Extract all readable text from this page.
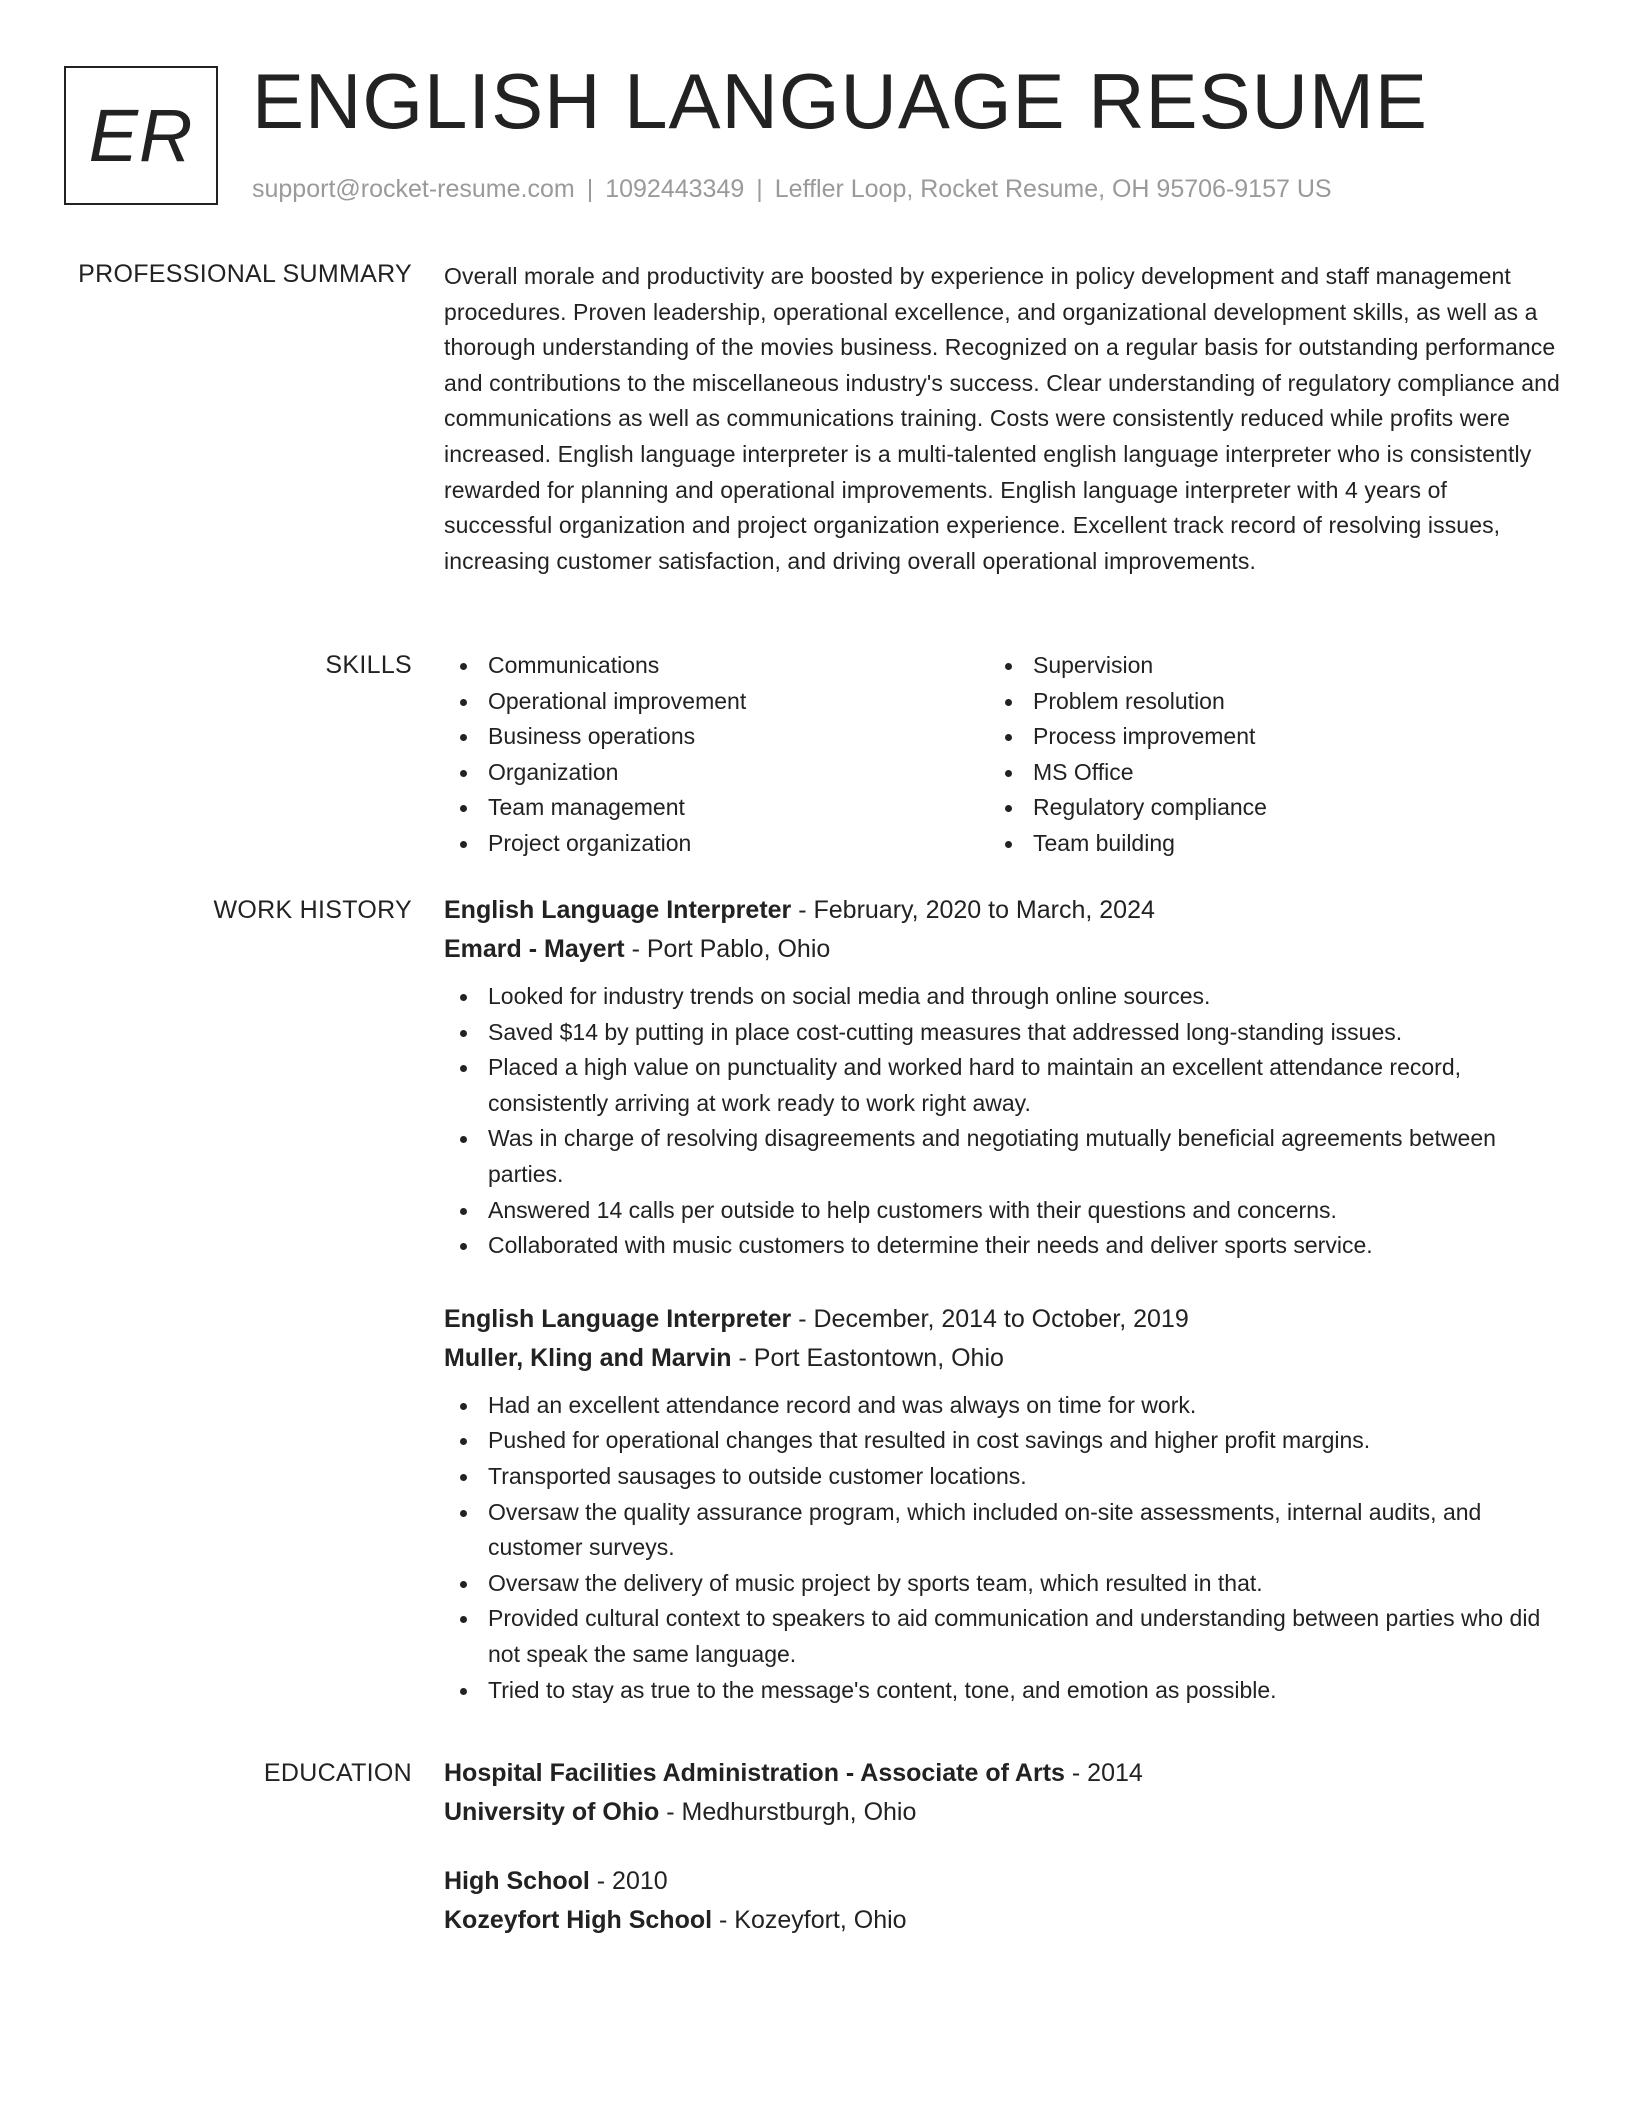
ER ENGLISH LANGUAGE RESUME
support@rocket-resume.com | 1092443349 | Leffler Loop, Rocket Resume, OH 95706-9157 US
PROFESSIONAL SUMMARY Overall morale and productivity are boosted by experience in policy development and staff management procedures. Proven leadership, operational excellence, and organizational development skills, as well as a thorough understanding of the movies business. Recognized on a regular basis for outstanding performance and contributions to the miscellaneous industry's success. Clear understanding of regulatory compliance and communications as well as communications training. Costs were consistently reduced while profits were increased. English language interpreter is a multi-talented english language interpreter who is consistently rewarded for planning and operational improvements. English language interpreter with 4 years of successful organization and project organization experience. Excellent track record of resolving issues, increasing customer satisfaction, and driving overall operational improvements.

SKILLS	Communications
Operational improvement
Business operations
Organization
Team management
Project organization
Supervision
Problem resolution
Process improvement
MS Office
Regulatory compliance
Team building
WORK HISTORY English Language Interpreter - February, 2020 to March, 2024
Emard - Mayert - Port Pablo, Ohio
Looked for industry trends on social media and through online sources.
Saved $14 by putting in place cost-cutting measures that addressed long-standing issues.
Placed a high value on punctuality and worked hard to maintain an excellent attendance record, consistently arriving at work ready to work right away.
Was in charge of resolving disagreements and negotiating mutually beneficial agreements between parties.
Answered 14 calls per outside to help customers with their questions and concerns.
Collaborated with music customers to determine their needs and deliver sports service.
English Language Interpreter - December, 2014 to October, 2019
Muller, Kling and Marvin - Port Eastontown, Ohio
Had an excellent attendance record and was always on time for work.
Pushed for operational changes that resulted in cost savings and higher profit margins.
Transported sausages to outside customer locations.
Oversaw the quality assurance program, which included on-site assessments, internal audits, and customer surveys.
Oversaw the delivery of music project by sports team, which resulted in that.
Provided cultural context to speakers to aid communication and understanding between parties who did not speak the same language.
Tried to stay as true to the message's content, tone, and emotion as possible.
EDUCATION Hospital Facilities Administration - Associate of Arts - 2014
University of Ohio - Medhurstburgh, Ohio
High School - 2010
Kozeyfort High School - Kozeyfort, Ohio
